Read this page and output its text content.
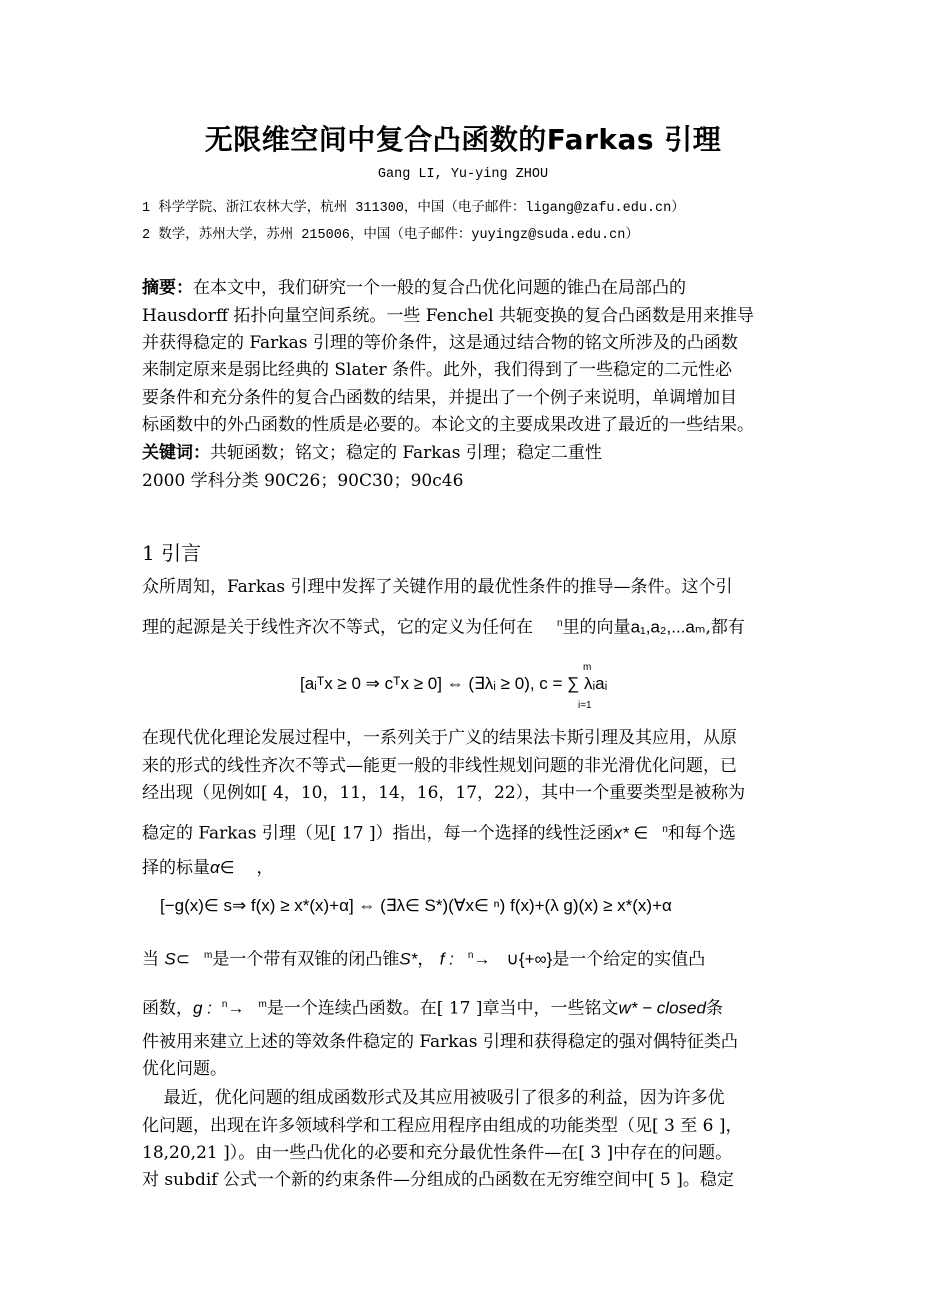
无限维空间中复合凸函数的Farkas 引理
Gang LI, Yu-ying ZHOU
1 科学学院、浙江农林大学，杭州 311300，中国（电子邮件：ligang@zafu.edu.cn）
2 数学，苏州大学，苏州 215006，中国（电子邮件：yuyingz@suda.edu.cn）
摘要：在本文中，我们研究一个一般的复合凸优化问题的锥凸在局部凸的
Hausdorff 拓扑向量空间系统。一些 Fenchel 共轭变换的复合凸函数是用来推导
并获得稳定的 Farkas 引理的等价条件，这是通过结合物的铭文所涉及的凸函数
来制定原来是弱比经典的 Slater 条件。此外，我们得到了一些稳定的二元性必
要条件和充分条件的复合凸函数的结果，并提出了一个例子来说明，单调增加目
标函数中的外凸函数的性质是必要的。本论文的主要成果改进了最近的一些结果。
关键词：共轭函数；铭文；稳定的 Farkas 引理；稳定二重性
2000 学科分类 90C26；90C30；90c46
1 引言
众所周知，Farkas 引理中发挥了关键作用的最优性条件的推导—条件。这个引
理的起源是关于线性齐次不等式，它的定义为任何在 $^n$里的向量a₁,a₂,...aₘ,都有
[aᵢᵀx ≥ 0 ⇒ cᵀx ≥ 0] ⇔ (∃λᵢ ≥ 0), c = ∑ λᵢaᵢ
m
i=1
在现代优化理论发展过程中，一系列关于广义的结果法卡斯引理及其应用，从原
来的形式的线性齐次不等式—能更一般的非线性规划问题的非光滑优化问题，已
经出现（见例如[ 4，10，11，14，16，17，22），其中一个重要类型是被称为
稳定的 Farkas 引理（见[ 17 ]）指出，每一个选择的线性泛函x* ∈ $^n$和每个选
择的标量α∈ ，
[−g(x)∈ s⇒ f(x) ≥ x*(x)+α] ⇔ (∃λ∈ S*)(∀x∈ ⁿ) f(x)+(λ g)(x) ≥ x*(x)+α
当 S⊂ $^m$是一个带有双锥的闭凸锥S*， f : $^n$→ ∪{+∞}是一个给定的实值凸
函数，g : $^n$→ $^m$是一个连续凸函数。在[ 17 ]章当中，一些铭文w* − closed条
件被用来建立上述的等效条件稳定的 Farkas 引理和获得稳定的强对偶特征类凸
优化问题。
最近，优化问题的组成函数形式及其应用被吸引了很多的利益，因为许多优
化问题，出现在许多领域科学和工程应用程序由组成的功能类型（见[ 3 至 6 ]，
18,20,21 ]）。由一些凸优化的必要和充分最优性条件—在[ 3 ]中存在的问题。
对 subdif 公式一个新的约束条件—分组成的凸函数在无穷维空间中[ 5 ]。稳定
